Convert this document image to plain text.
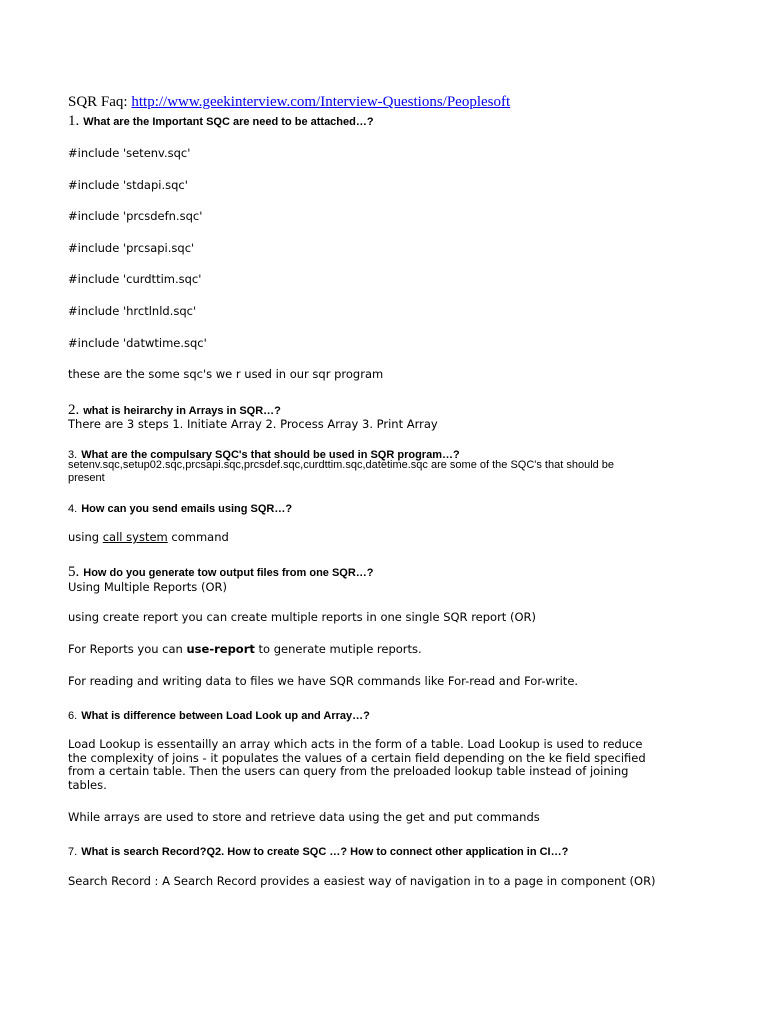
SQR Faq: http://www.geekinterview.com/Interview-Questions/Peoplesoft
1. What are the Important SQC are need to be attached…?
#include 'setenv.sqc'
#include 'stdapi.sqc'
#include 'prcsdefn.sqc'
#include 'prcsapi.sqc'
#include 'curdttim.sqc'
#include 'hrctlnld.sqc'
#include 'datwtime.sqc'
these are the some sqc's we r used in our sqr program
2. what is heirarchy in Arrays in SQR…?
There are 3 steps 1. Initiate Array 2. Process Array 3. Print Array
3. What are the compulsary SQC's that should be used in SQR program…?
setenv.sqc,setup02.sqc,prcsapi.sqc,prcsdef.sqc,curdttim.sqc,datetime.sqc are some of the SQC's that should be present
4. How can you send emails using SQR…?
using call system command
5. How do you generate tow output files from one SQR…?
Using Multiple Reports (OR)
using create report you can create multiple reports in one single SQR report (OR)
For Reports you can use-report to generate mutiple reports.
For reading and writing data to files we have SQR commands like For-read and For-write.
6. What is difference between Load Look up and Array…?
Load Lookup is essentailly an array which acts in the form of a table. Load Lookup is used to reduce the complexity of joins - it populates the values of a certain field depending on the ke field specified from a certain table. Then the users can query from the preloaded lookup table instead of joining tables.
While arrays are used to store and retrieve data using the get and put commands
7. What is search Record?Q2. How to create SQC …? How to connect other application in CI…?
Search Record : A Search Record provides a easiest way of navigation in to a page in component (OR)
